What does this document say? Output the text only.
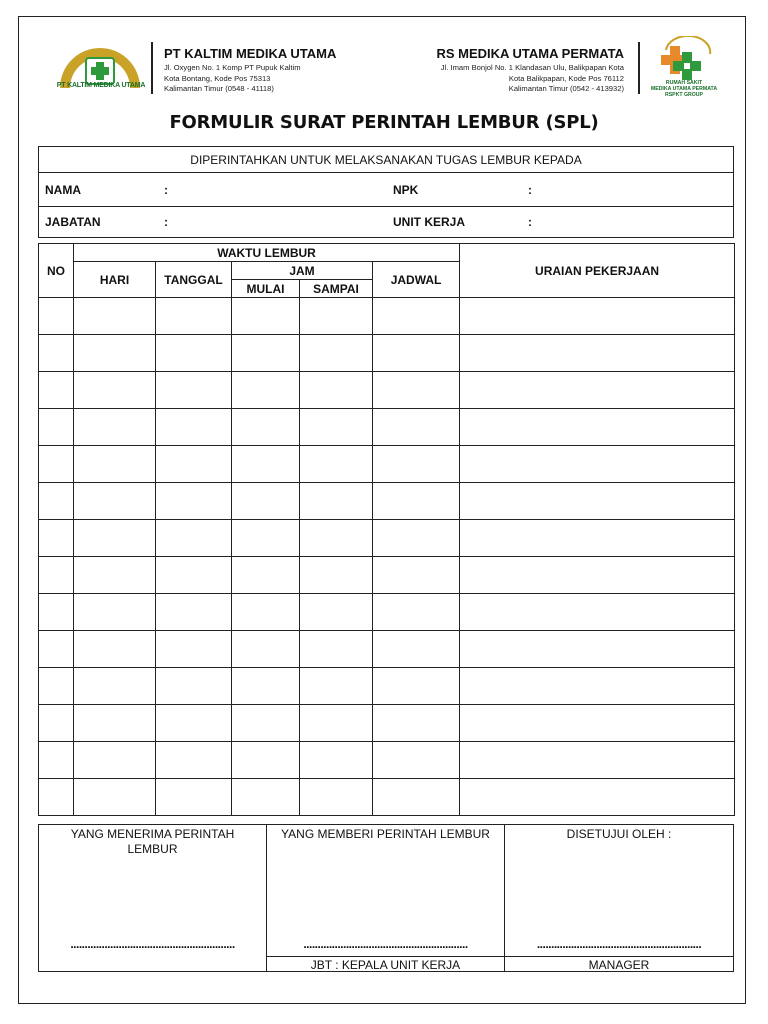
PT KALTIM MEDIKA UTAMA
PT KALTIM MEDIKA UTAMA
Jl. Oxygen No. 1 Komp PT Pupuk Kaltim
Kota Bontang, Kode Pos 75313
Kalimantan Timur (0548 - 41118)
RS MEDIKA UTAMA PERMATA
Jl. Imam Bonjol No. 1 Klandasan Ulu, Balikpapan Kota
Kota Balikpapan, Kode Pos 76112
Kalimantan Timur (0542 - 413932)
RUMAH SAKIT
MEDIKA UTAMA PERMATA
RSPKT GROUP
FORMULIR SURAT PERINTAH LEMBUR (SPL)
DIPERINTAHKAN UNTUK MELAKSANAKAN TUGAS LEMBUR KEPADA
NAMA	:	NPK	:
JABATAN	:	UNIT KERJA	:
NO	WAKTU LEMBUR					URAIAN PEKERJAAN
	HARI	TANGGAL	JAM		JADWAL	
			MULAI	SAMPAI		

YANG MENERIMA PERINTAH LEMBUR
..........................................................
YANG MEMBERI PERINTAH LEMBUR
..........................................................
JBT : KEPALA UNIT KERJA
DISETUJUI OLEH :
..........................................................
MANAGER
